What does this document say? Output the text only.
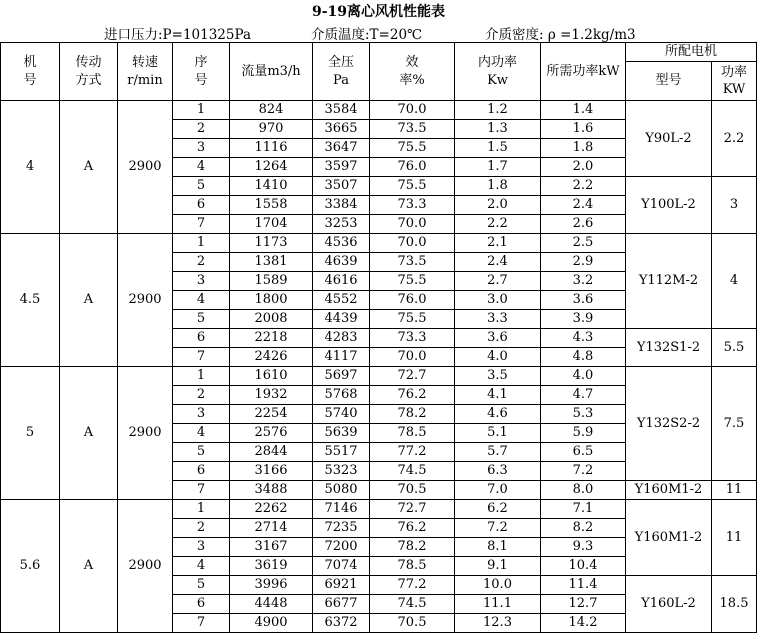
9-19离心风机性能表
进口压力:P=101325Pa	介质温度:T=20℃	介质密度: ρ =1.2kg/m3
机号	传动方式	转速r/min	序号	流量m3/h	全压Pa	效率%	内功率Kw	所需功率kW	所配电机	
									型号	功率KW
4	A	2900	1	824	3584	70.0	1.2	1.4	Y90L-2	2.2
			2	970	3665	73.5	1.3	1.6		
			3	1116	3647	75.5	1.5	1.8		
			4	1264	3597	76.0	1.7	2.0		
			5	1410	3507	75.5	1.8	2.2	Y100L-2	3
			6	1558	3384	73.3	2.0	2.4		
			7	1704	3253	70.0	2.2	2.6		
4.5	A	2900	1	1173	4536	70.0	2.1	2.5	Y112M-2	4
			2	1381	4639	73.5	2.4	2.9		
			3	1589	4616	75.5	2.7	3.2		
			4	1800	4552	76.0	3.0	3.6		
			5	2008	4439	75.5	3.3	3.9		
			6	2218	4283	73.3	3.6	4.3	Y132S1-2	5.5
			7	2426	4117	70.0	4.0	4.8		
5	A	2900	1	1610	5697	72.7	3.5	4.0	Y132S2-2	7.5
			2	1932	5768	76.2	4.1	4.7		
			3	2254	5740	78.2	4.6	5.3		
			4	2576	5639	78.5	5.1	5.9		
			5	2844	5517	77.2	5.7	6.5		
			6	3166	5323	74.5	6.3	7.2		
			7	3488	5080	70.5	7.0	8.0	Y160M1-2	11
5.6	A	2900	1	2262	7146	72.7	6.2	7.1	Y160M1-2	11
			2	2714	7235	76.2	7.2	8.2		
			3	3167	7200	78.2	8.1	9.3		
			4	3619	7074	78.5	9.1	10.4		
			5	3996	6921	77.2	10.0	11.4	Y160L-2	18.5
			6	4448	6677	74.5	11.1	12.7		
			7	4900	6372	70.5	12.3	14.2		
